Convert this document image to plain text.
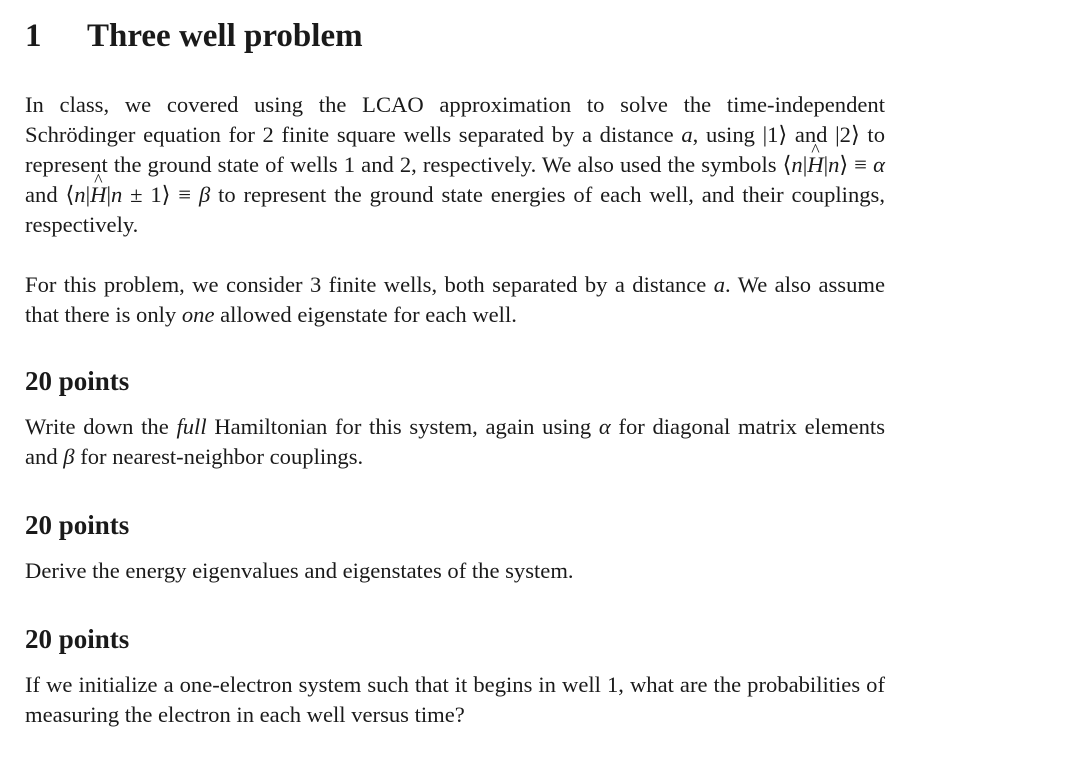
1	Three well problem

In class, we covered using the LCAO approximation to solve the time-independent Schrödinger equation for 2 finite square wells separated by a distance a, using |1⟩ and |2⟩ to represent the ground state of wells 1 and 2, respectively. We also used the symbols ⟨n|^ H|n⟩ ≡ α and ⟨n|^ H|n ± 1⟩ ≡ β to represent the ground state energies of each well, and their couplings, respectively.

For this problem, we consider 3 finite wells, both separated by a distance a. We also assume that there is only one allowed eigenstate for each well.

20 points

Write down the full Hamiltonian for this system, again using α for diagonal matrix elements and β for nearest-neighbor couplings.

20 points

Derive the energy eigenvalues and eigenstates of the system.

20 points

If we initialize a one-electron system such that it begins in well 1, what are the probabilities of measuring the electron in each well versus time?
